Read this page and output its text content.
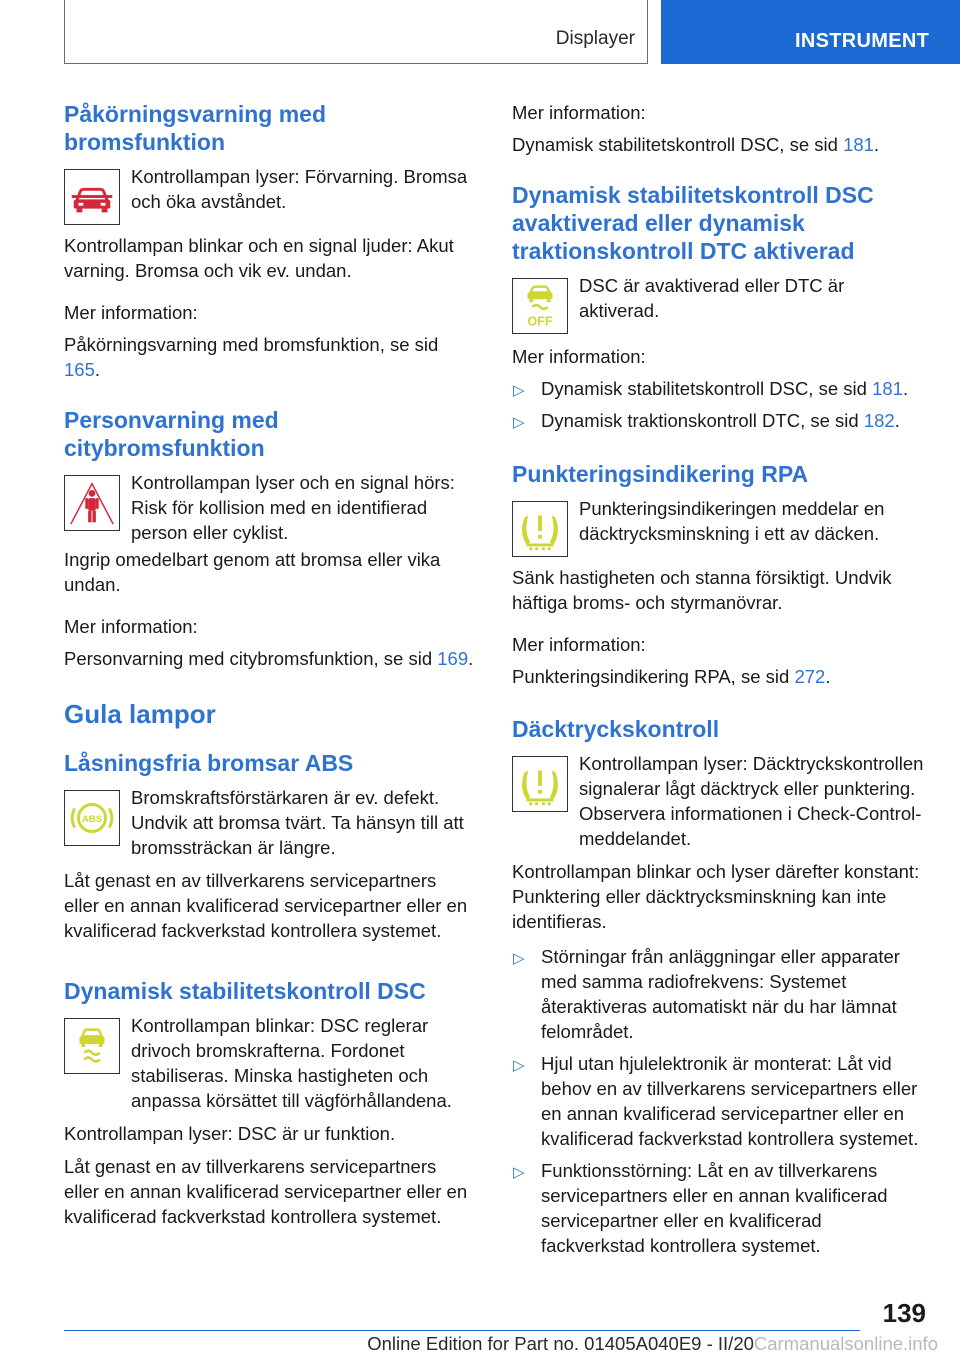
Displayer	INSTRUMENT
Påkörningsvarning med bromsfunktion

Kontrollampan lyser: Förvarning. Bromsa och öka avståndet.

Kontrollampan blinkar och en signal ljuder: Akut varning. Bromsa och vik ev. undan.

Mer information:

Påkörningsvarning med bromsfunktion, se sid 165.

Personvarning med citybromsfunktion

Kontrollampan lyser och en signal hörs: Risk för kollision med en identifierad person eller cyklist.

Ingrip omedelbart genom att bromsa eller vika undan.

Mer information:

Personvarning med citybromsfunktion, se sid 169.

Gula lampor
Låsningsfria bromsar ABS
ABS

Bromskraftsförstärkaren är ev. defekt. Undvik att bromsa tvärt. Ta hänsyn till att bromssträckan är längre.

Låt genast en av tillverkarens servicepartners eller en annan kvalificerad servicepartner eller en kvalificerad fackverkstad kontrollera systemet.

Dynamisk stabilitetskontroll DSC

Kontrollampan blinkar: DSC reglerar drivoch bromskrafterna. Fordonet stabiliseras. Minska hastigheten och anpassa körsättet till vägförhållandena.

Kontrollampan lyser: DSC är ur funktion.

Låt genast en av tillverkarens servicepartners eller en annan kvalificerad servicepartner eller en kvalificerad fackverkstad kontrollera systemet.

Mer information:

Dynamisk stabilitetskontroll DSC, se sid 181.

Dynamisk stabilitetskontroll DSC avaktiverad eller dynamisk traktionskontroll DTC aktiverad
OFF

DSC är avaktiverad eller DTC är aktiverad.

Mer information:

▷ Dynamisk stabilitetskontroll DSC, se sid 181.
▷ Dynamisk traktionskontroll DTC, se sid 182.
Punkteringsindikering RPA

Punkteringsindikeringen meddelar en däcktrycksminskning i ett av däcken.

Sänk hastigheten och stanna försiktigt. Undvik häftiga broms- och styrmanövrar.

Mer information:

Punkteringsindikering RPA, se sid 272.

Däcktryckskontroll

Kontrollampan lyser: Däcktryckskontrollen signalerar lågt däcktryck eller punktering. Observera informationen i Check-Control-meddelandet.

Kontrollampan blinkar och lyser därefter konstant: Punktering eller däcktrycksminskning kan inte identifieras.

▷ Störningar från anläggningar eller apparater med samma radiofrekvens: Systemet återaktiveras automatiskt när du har lämnat felområdet.
▷ Hjul utan hjulelektronik är monterat: Låt vid behov en av tillverkarens servicepartners eller en annan kvalificerad servicepartner eller en kvalificerad fackverkstad kontrollera systemet.
▷ Funktionsstörning: Låt en av tillverkarens servicepartners eller en annan kvalificerad servicepartner eller en kvalificerad fackverkstad kontrollera systemet.
139
Online Edition for Part no. 01405A040E9 - II/20Carmanualsonline.info
